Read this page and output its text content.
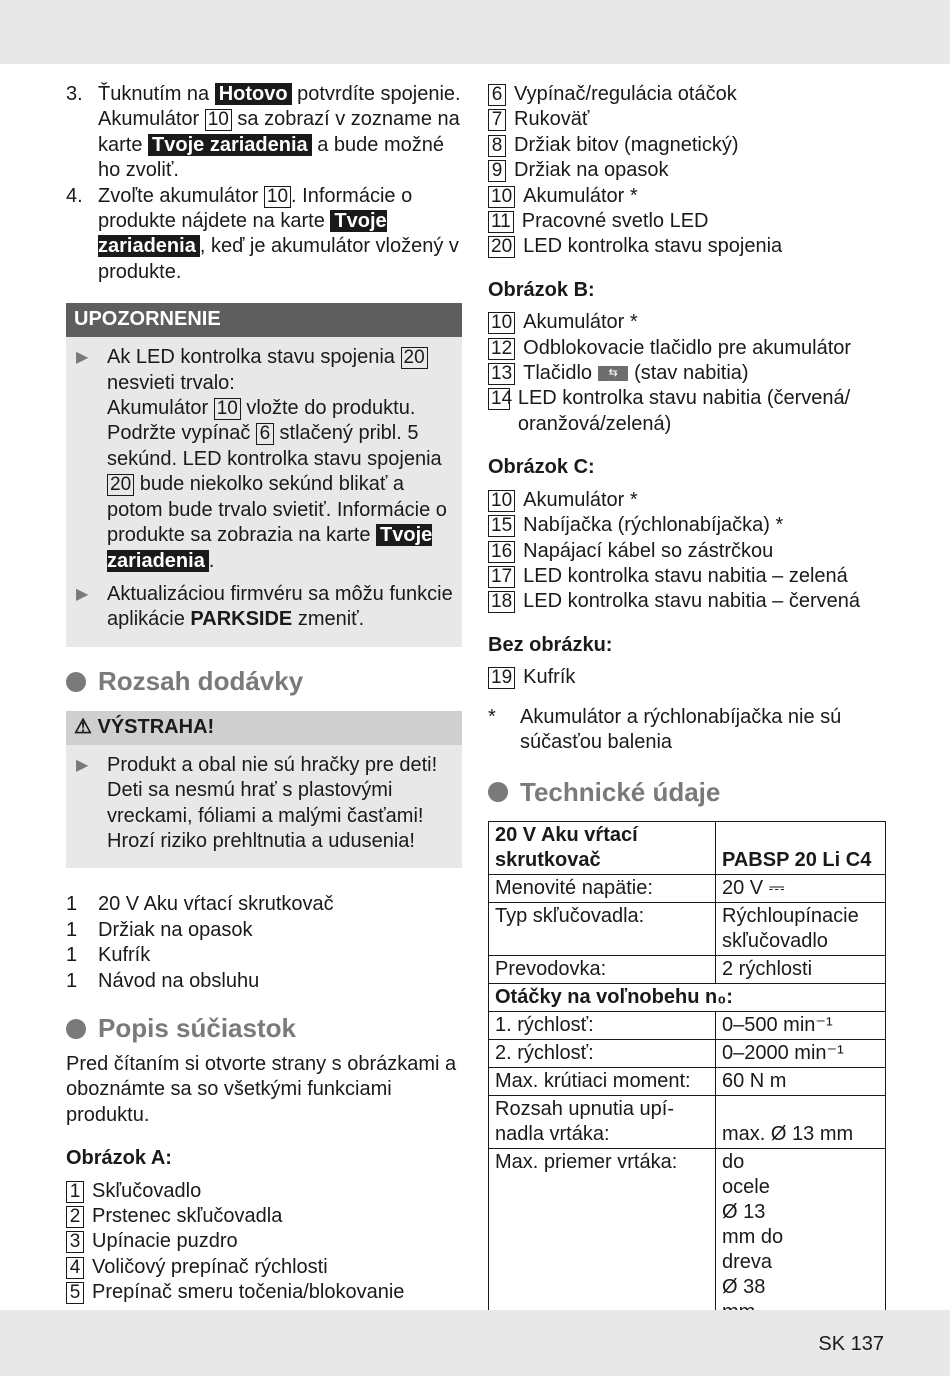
3. Ťuknutím na Hotovo potvrdíte spojenie. Akumulátor 10 sa zobrazí v zozname na karte Tvoje zariadenia a bude možné ho zvoliť.
4. Zvoľte akumulátor 10 . Informácie o produkte nájdete na karte Tvoje zariadenia , keď je akumulátor vložený v produkte.
UPOZORNENIE
▶ Ak LED kontrolka stavu spojenia 20 nesvieti trvalo:
Akumulátor 10 vložte do produktu. Podržte vypínač 6 stlačený pribl. 5 sekúnd. LED kontrolka stavu spojenia 20 bude niekolko sekúnd blikať a potom bude trvalo svietiť. Informácie o produkte sa zobrazia na karte Tvoje zariadenia .
▶ Aktualizáciou firmvéru sa môžu funkcie aplikácie PARKSIDE zmeniť.
Rozsah dodávky
⚠ VÝSTRAHA!
▶ Produkt a obal nie sú hračky pre deti! Deti sa nesmú hrať s plastovými vreckami, fóliami a malými časťami! Hrozí riziko prehltnutia a udusenia!
1	20 V Aku vŕtací skrutkovač
1	Držiak na opasok
1	Kufrík
1	Návod na obsluhu
Popis súčiastok
Pred čítaním si otvorte strany s obrázkami a oboznámte sa so všetkými funkciami produktu.
Obrázok A:
1 Skľučovadlo
2 Prstenec skľučovadla
3 Upínacie puzdro
4 Voličový prepínač rýchlosti
5 Prepínač smeru točenia/blokovanie
6 Vypínač/regulácia otáčok
7 Rukoväť
8 Držiak bitov (magnetický)
9 Držiak na opasok
10 Akumulátor *
11 Pracovné svetlo LED
20 LED kontrolka stavu spojenia
Obrázok B:
10 Akumulátor *
12 Odblokovacie tlačidlo pre akumulátor
13 Tlačidlo ⇆ (stav nabitia)
14 LED kontrolka stavu nabitia (červená/ oranžová/zelená)
Obrázok C:
10 Akumulátor *
15 Nabíjačka (rýchlonabíjačka) *
16 Napájací kábel so zástrčkou
17 LED kontrolka stavu nabitia – zelená
18 LED kontrolka stavu nabitia – červená
Bez obrázku:
19 Kufrík
*	Akumulátor a rýchlonabíjačka nie sú súčasťou balenia
Technické údaje
20 V Aku vŕtací skrutkovač	PABSP 20 Li C4
Menovité napätie:	20 V ⎓
Typ skľučovadla:	Rýchloupínacie skľučovadlo
Prevodovka:	2 rýchlosti
Otáčky na voľnobehu n₀:	
1. rýchlosť:	0–500 min⁻¹
2. rýchlosť:	0–2000 min⁻¹
Max. krútiaci moment:	60 N m
Rozsah upnutia upí- nadla vrtáka:	max. Ø 13 mm
Max. priemer vrtáka:	do ocele Ø 13 mm do dreva Ø 38
SK 137
